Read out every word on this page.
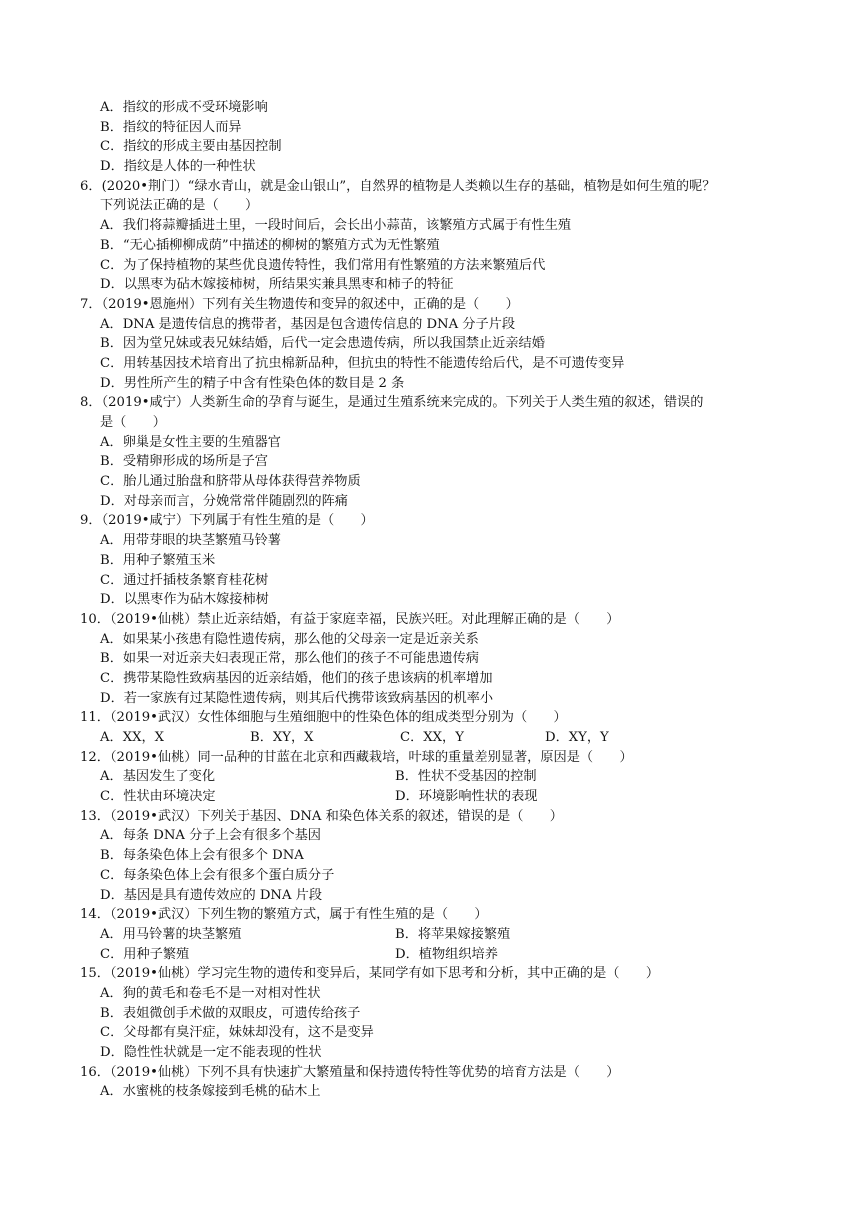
A．指纹的形成不受环境影响
B．指纹的特征因人而异
C．指纹的形成主要由基因控制
D．指纹是人体的一种性状
6．(2020•荆门）“绿水青山，就是金山银山”，自然界的植物是人类赖以生存的基础，植物是如何生殖的呢？
下列说法正确的是（　　）
A．我们将蒜瓣插进土里，一段时间后，会长出小蒜苗，该繁殖方式属于有性生殖
B．“无心插柳柳成荫”中描述的柳树的繁殖方式为无性繁殖
C．为了保持植物的某些优良遗传特性，我们常用有性繁殖的方法来繁殖后代
D．以黑枣为砧木嫁接柿树，所结果实兼具黑枣和柿子的特征
7．（2019•恩施州）下列有关生物遗传和变异的叙述中，正确的是（　　）
A．DNA 是遗传信息的携带者，基因是包含遗传信息的 DNA 分子片段
B．因为堂兄妹或表兄妹结婚，后代一定会患遗传病，所以我国禁止近亲结婚
C．用转基因技术培育出了抗虫棉新品种，但抗虫的特性不能遗传给后代，是不可遗传变异
D．男性所产生的精子中含有性染色体的数目是 2 条
8．（2019•咸宁）人类新生命的孕育与诞生，是通过生殖系统来完成的。下列关于人类生殖的叙述，错误的
是（　　）
A．卵巢是女性主要的生殖器官
B．受精卵形成的场所是子宫
C．胎儿通过胎盘和脐带从母体获得营养物质
D．对母亲而言，分娩常常伴随剧烈的阵痛
9．（2019•咸宁）下列属于有性生殖的是（　　）
A．用带芽眼的块茎繁殖马铃薯
B．用种子繁殖玉米
C．通过扦插枝条繁育桂花树
D．以黑枣作为砧木嫁接柿树
10．（2019•仙桃）禁止近亲结婚，有益于家庭幸福，民族兴旺。对此理解正确的是（　　）
A．如果某小孩患有隐性遗传病，那么他的父母亲一定是近亲关系
B．如果一对近亲夫妇表现正常，那么他们的孩子不可能患遗传病
C．携带某隐性致病基因的近亲结婚，他们的孩子患该病的机率增加
D．若一家族有过某隐性遗传病，则其后代携带该致病基因的机率小
11．（2019•武汉）女性体细胞与生殖细胞中的性染色体的组成类型分别为（　　）
A．XX，X	B．XY，X	C．XX，Y	D．XY，Y
12．（2019•仙桃）同一品种的甘蓝在北京和西藏栽培，叶球的重量差别显著，原因是（　　）
A．基因发生了变化	B．性状不受基因的控制
C．性状由环境决定	D．环境影响性状的表现
13．（2019•武汉）下列关于基因、DNA 和染色体关系的叙述，错误的是（　　）
A．每条 DNA 分子上会有很多个基因
B．每条染色体上会有很多个 DNA
C．每条染色体上会有很多个蛋白质分子
D．基因是具有遗传效应的 DNA 片段
14．（2019•武汉）下列生物的繁殖方式，属于有性生殖的是（　　）
A．用马铃薯的块茎繁殖	B．将苹果嫁接繁殖
C．用种子繁殖	D．植物组织培养
15．（2019•仙桃）学习完生物的遗传和变异后，某同学有如下思考和分析，其中正确的是（　　）
A．狗的黄毛和卷毛不是一对相对性状
B．表姐微创手术做的双眼皮，可遗传给孩子
C．父母都有臭汗症，妹妹却没有，这不是变异
D．隐性性状就是一定不能表现的性状
16．（2019•仙桃）下列不具有快速扩大繁殖量和保持遗传特性等优势的培育方法是（　　）
A．水蜜桃的枝条嫁接到毛桃的砧木上
